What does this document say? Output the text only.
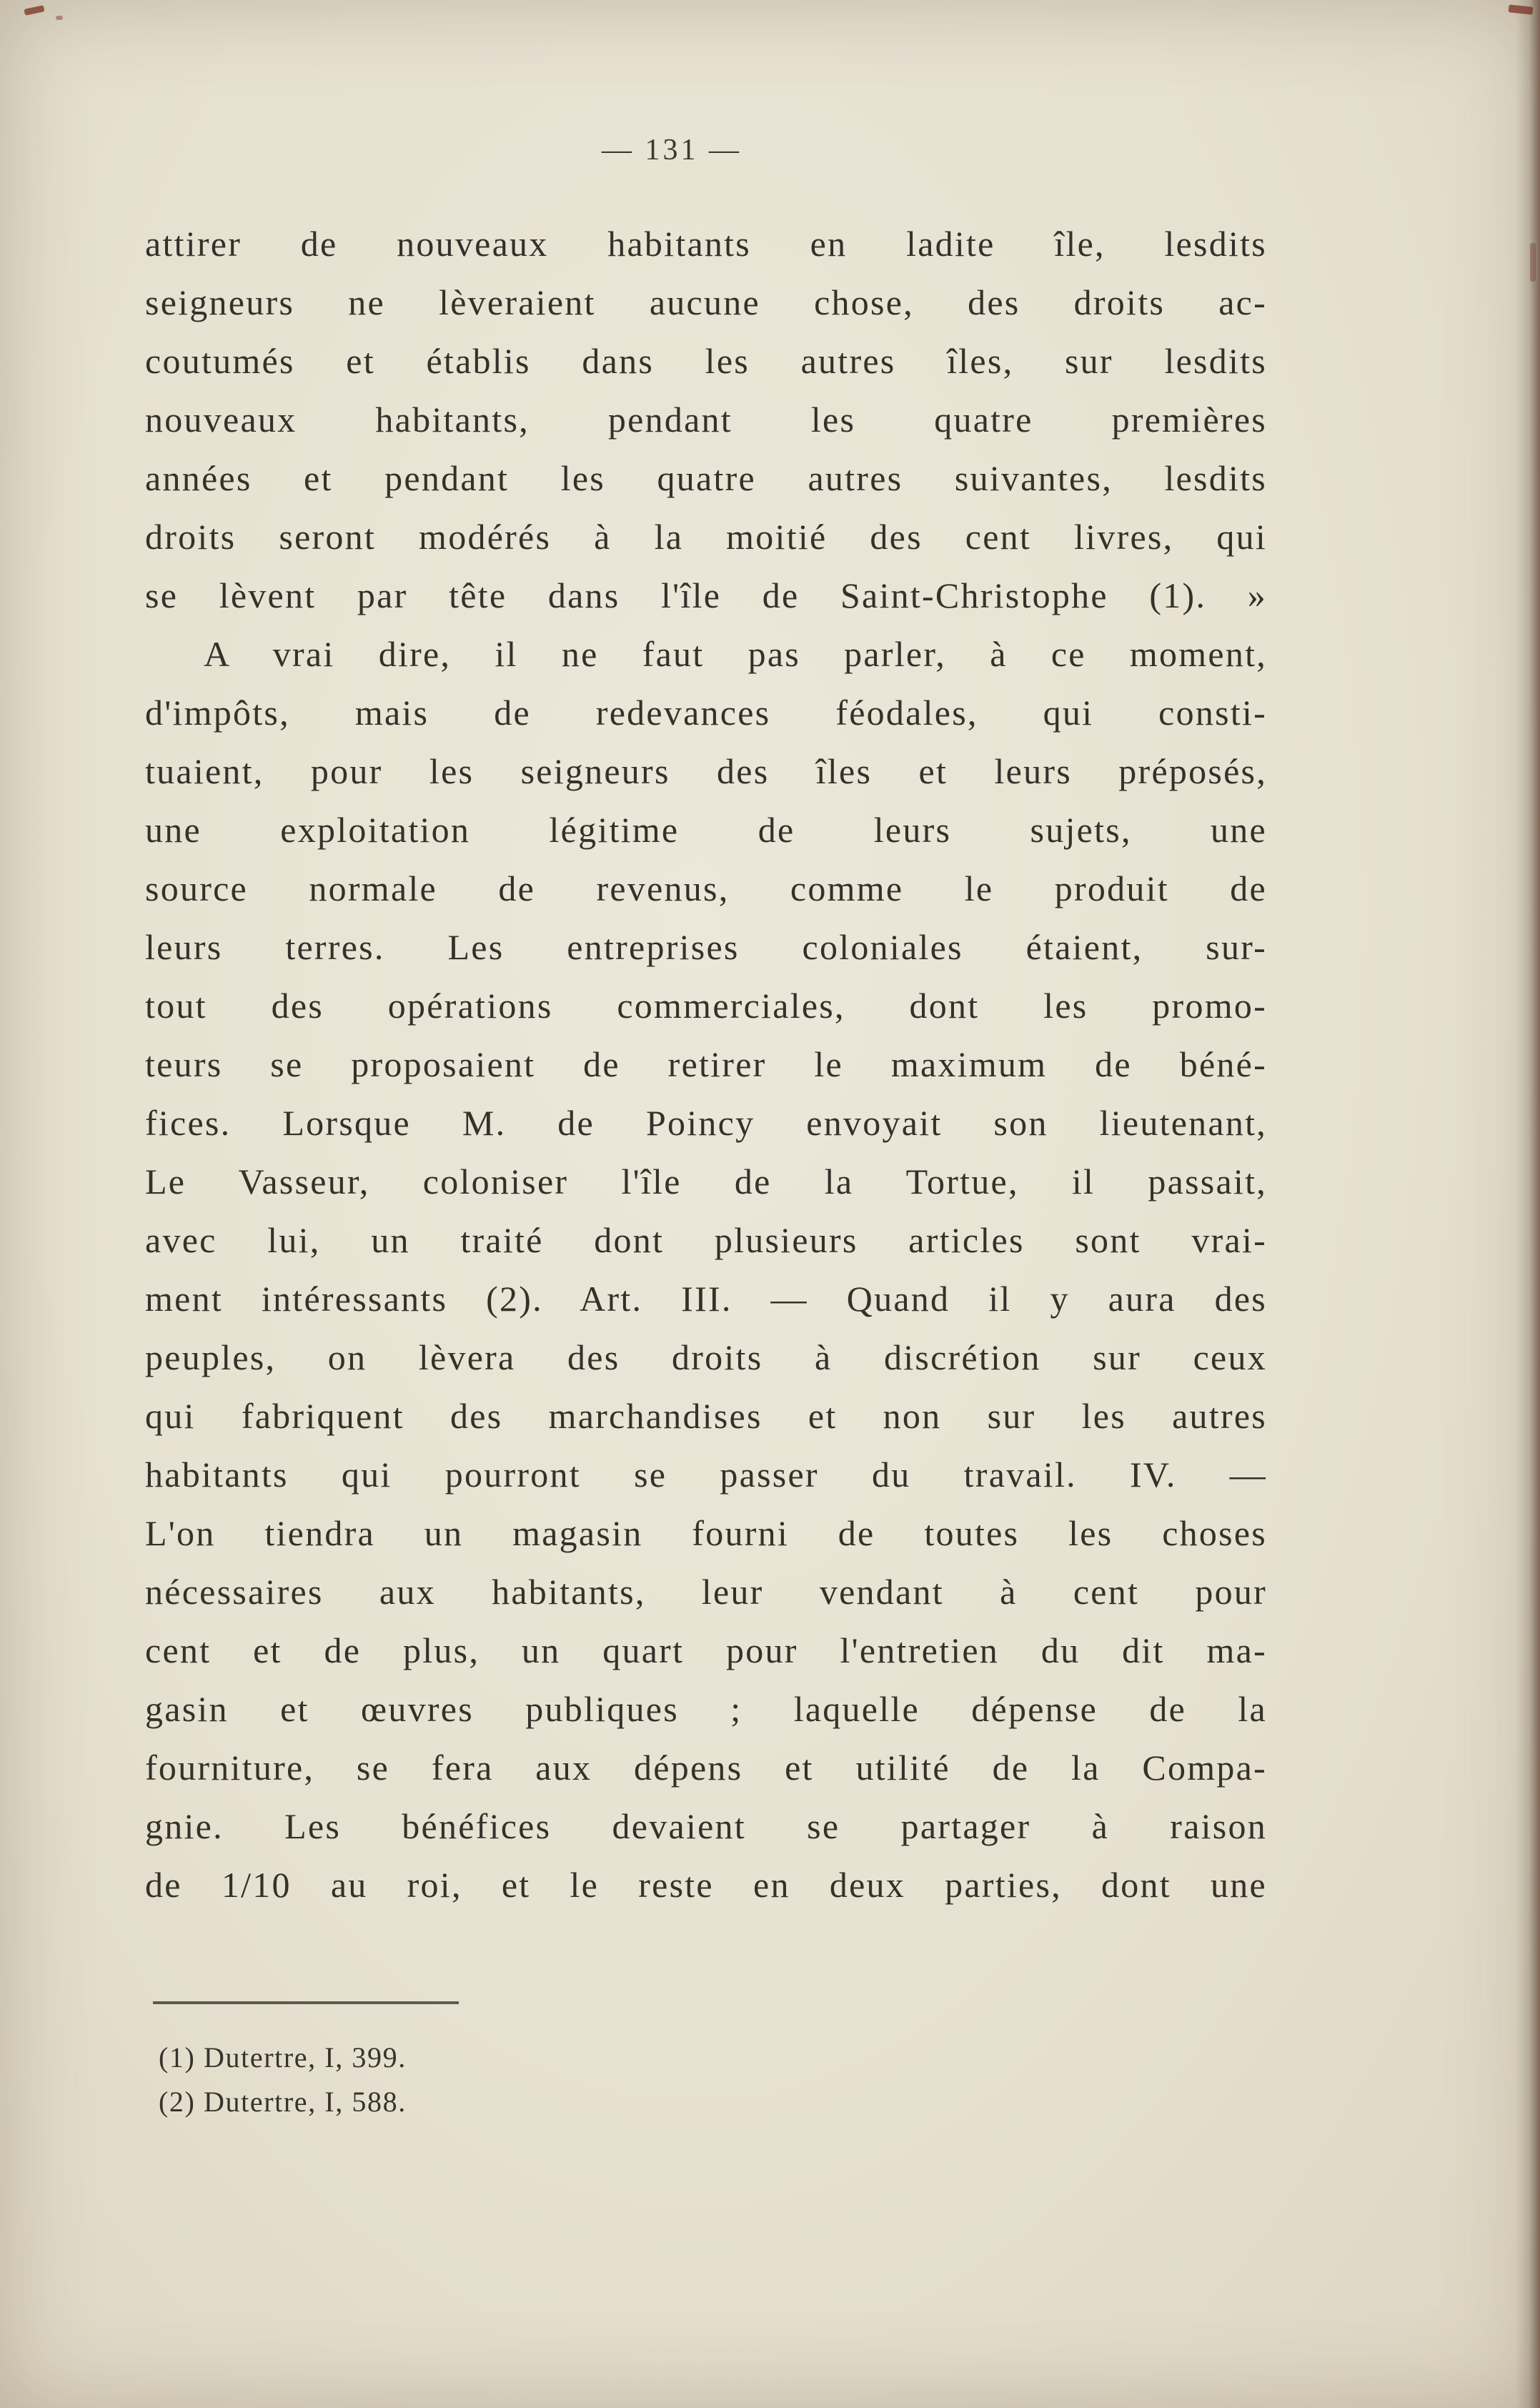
— 131 —
attirer de nouveaux habitants en ladite île, lesdits
seigneurs ne lèveraient aucune chose, des droits ac-
coutumés et établis dans les autres îles, sur lesdits
nouveaux habitants, pendant les quatre premières
années et pendant les quatre autres suivantes, lesdits
droits seront modérés à la moitié des cent livres, qui
se lèvent par tête dans l'île de Saint-Christophe (1). »
A vrai dire, il ne faut pas parler, à ce moment,
d'impôts, mais de redevances féodales, qui consti-
tuaient, pour les seigneurs des îles et leurs préposés,
une exploitation légitime de leurs sujets, une
source normale de revenus, comme le produit de
leurs terres. Les entreprises coloniales étaient, sur-
tout des opérations commerciales, dont les promo-
teurs se proposaient de retirer le maximum de béné-
fices. Lorsque M. de Poincy envoyait son lieutenant,
Le Vasseur, coloniser l'île de la Tortue, il passait,
avec lui, un traité dont plusieurs articles sont vrai-
ment intéressants (2). Art. III. — Quand il y aura des
peuples, on lèvera des droits à discrétion sur ceux
qui fabriquent des marchandises et non sur les autres
habitants qui pourront se passer du travail. IV. —
L'on tiendra un magasin fourni de toutes les choses
nécessaires aux habitants, leur vendant à cent pour
cent et de plus, un quart pour l'entretien du dit ma-
gasin et œuvres publiques ; laquelle dépense de la
fourniture, se fera aux dépens et utilité de la Compa-
gnie. Les bénéfices devaient se partager à raison
de 1/10 au roi, et le reste en deux parties, dont une
(1) Dutertre, I, 399.
(2) Dutertre, I, 588.
